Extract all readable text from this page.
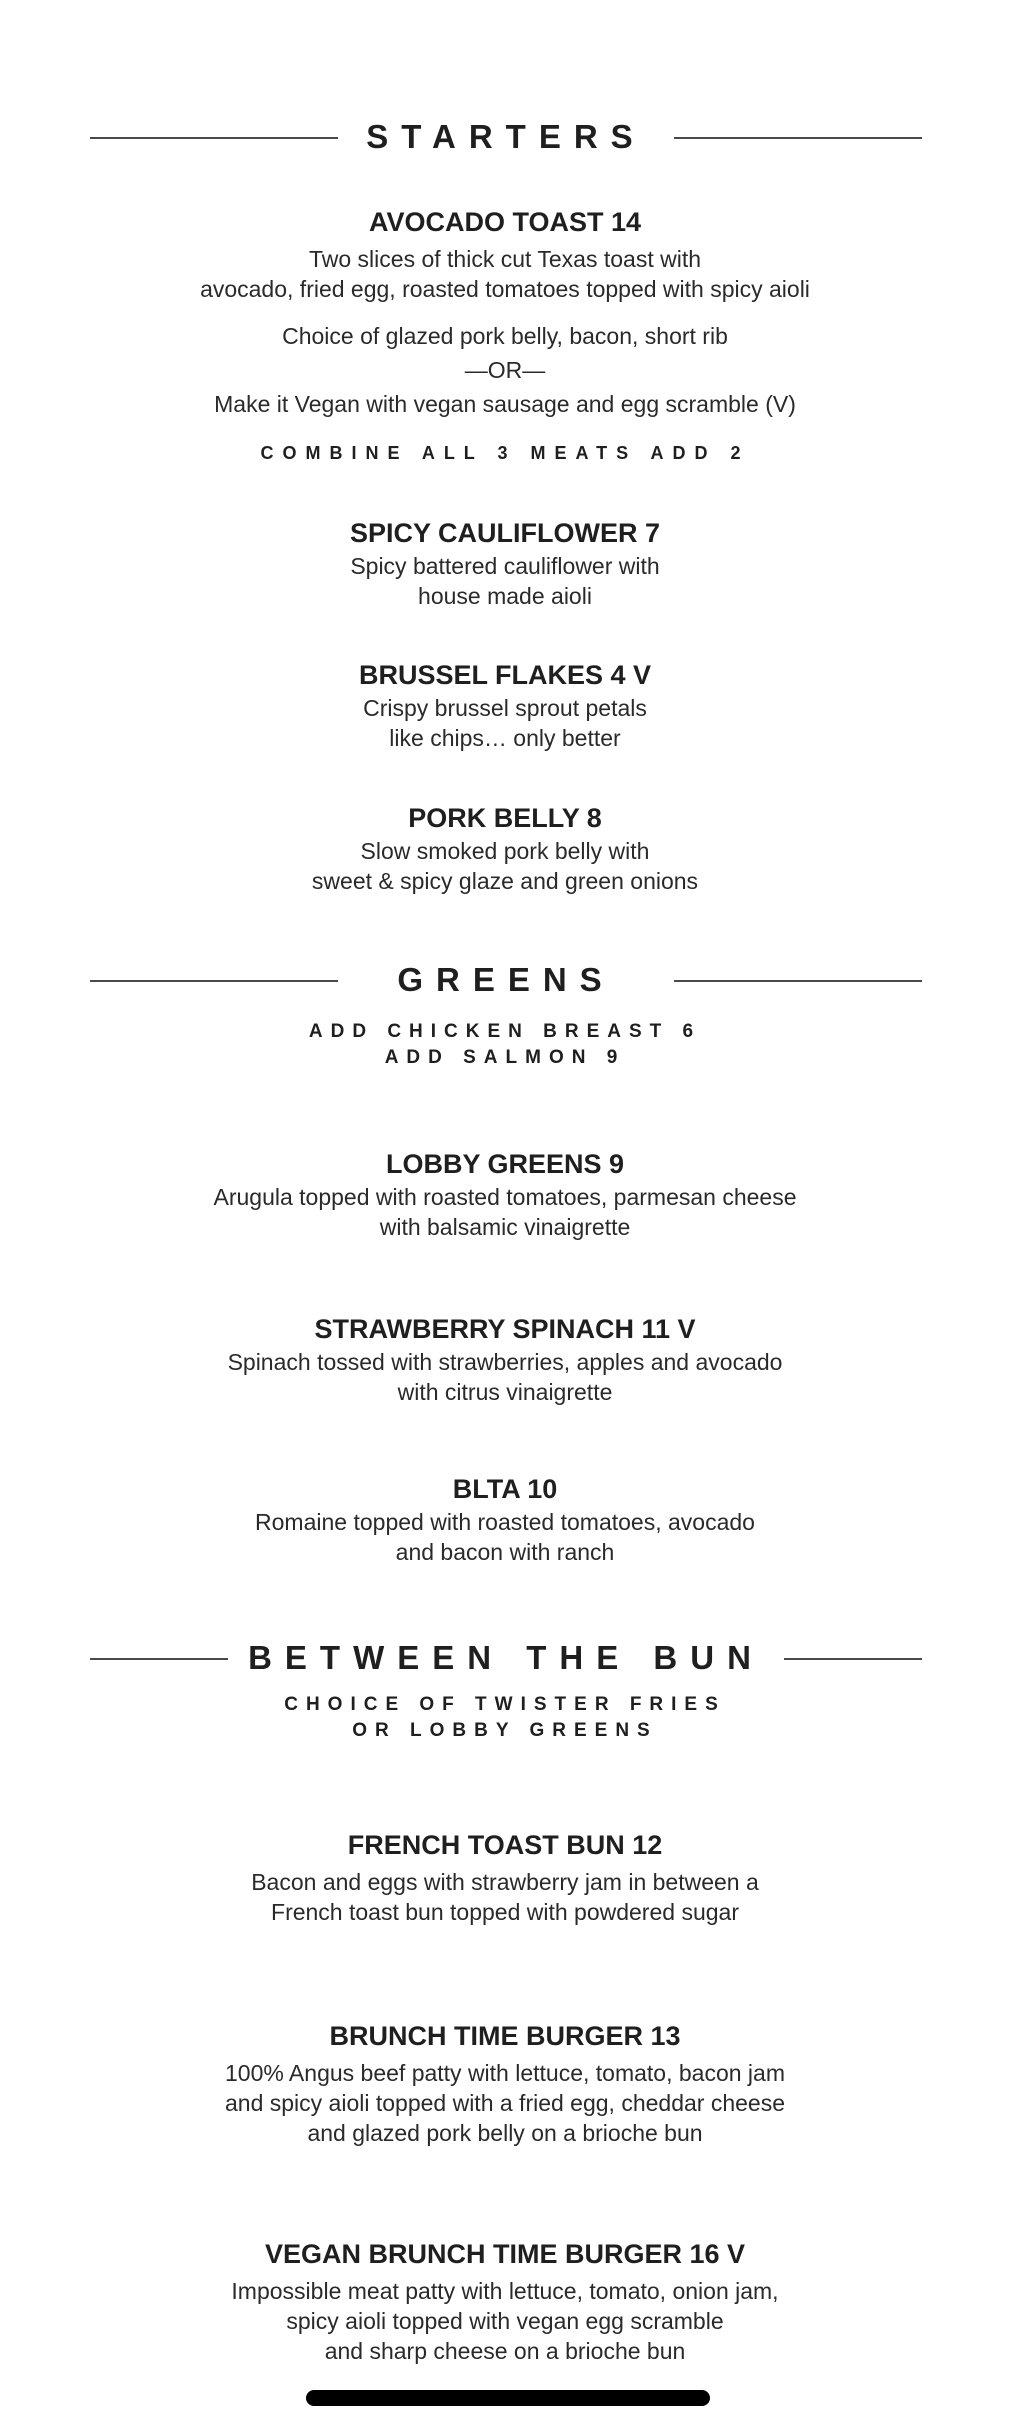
STARTERS
AVOCADO TOAST 14
Two slices of thick cut Texas toast with
avocado, fried egg, roasted tomatoes topped with spicy aioli
Choice of glazed pork belly, bacon, short rib
—OR—
Make it Vegan with vegan sausage and egg scramble (V)
COMBINE ALL 3 MEATS ADD 2
SPICY CAULIFLOWER 7
Spicy battered cauliflower with
house made aioli
BRUSSEL FLAKES 4 V
Crispy brussel sprout petals
like chips… only better
PORK BELLY 8
Slow smoked pork belly with
sweet & spicy glaze and green onions
GREENS
ADD CHICKEN BREAST 6
ADD SALMON 9
LOBBY GREENS 9
Arugula topped with roasted tomatoes, parmesan cheese
with balsamic vinaigrette
STRAWBERRY SPINACH 11 V
Spinach tossed with strawberries, apples and avocado
with citrus vinaigrette
BLTA 10
Romaine topped with roasted tomatoes, avocado
and bacon with ranch
BETWEEN THE BUN
CHOICE OF TWISTER FRIES
OR LOBBY GREENS
FRENCH TOAST BUN 12
Bacon and eggs with strawberry jam in between a
French toast bun topped with powdered sugar
BRUNCH TIME BURGER 13
100% Angus beef patty with lettuce, tomato, bacon jam
and spicy aioli topped with a fried egg, cheddar cheese
and glazed pork belly on a brioche bun
VEGAN BRUNCH TIME BURGER 16 V
Impossible meat patty with lettuce, tomato, onion jam,
spicy aioli topped with vegan egg scramble
and sharp cheese on a brioche bun
